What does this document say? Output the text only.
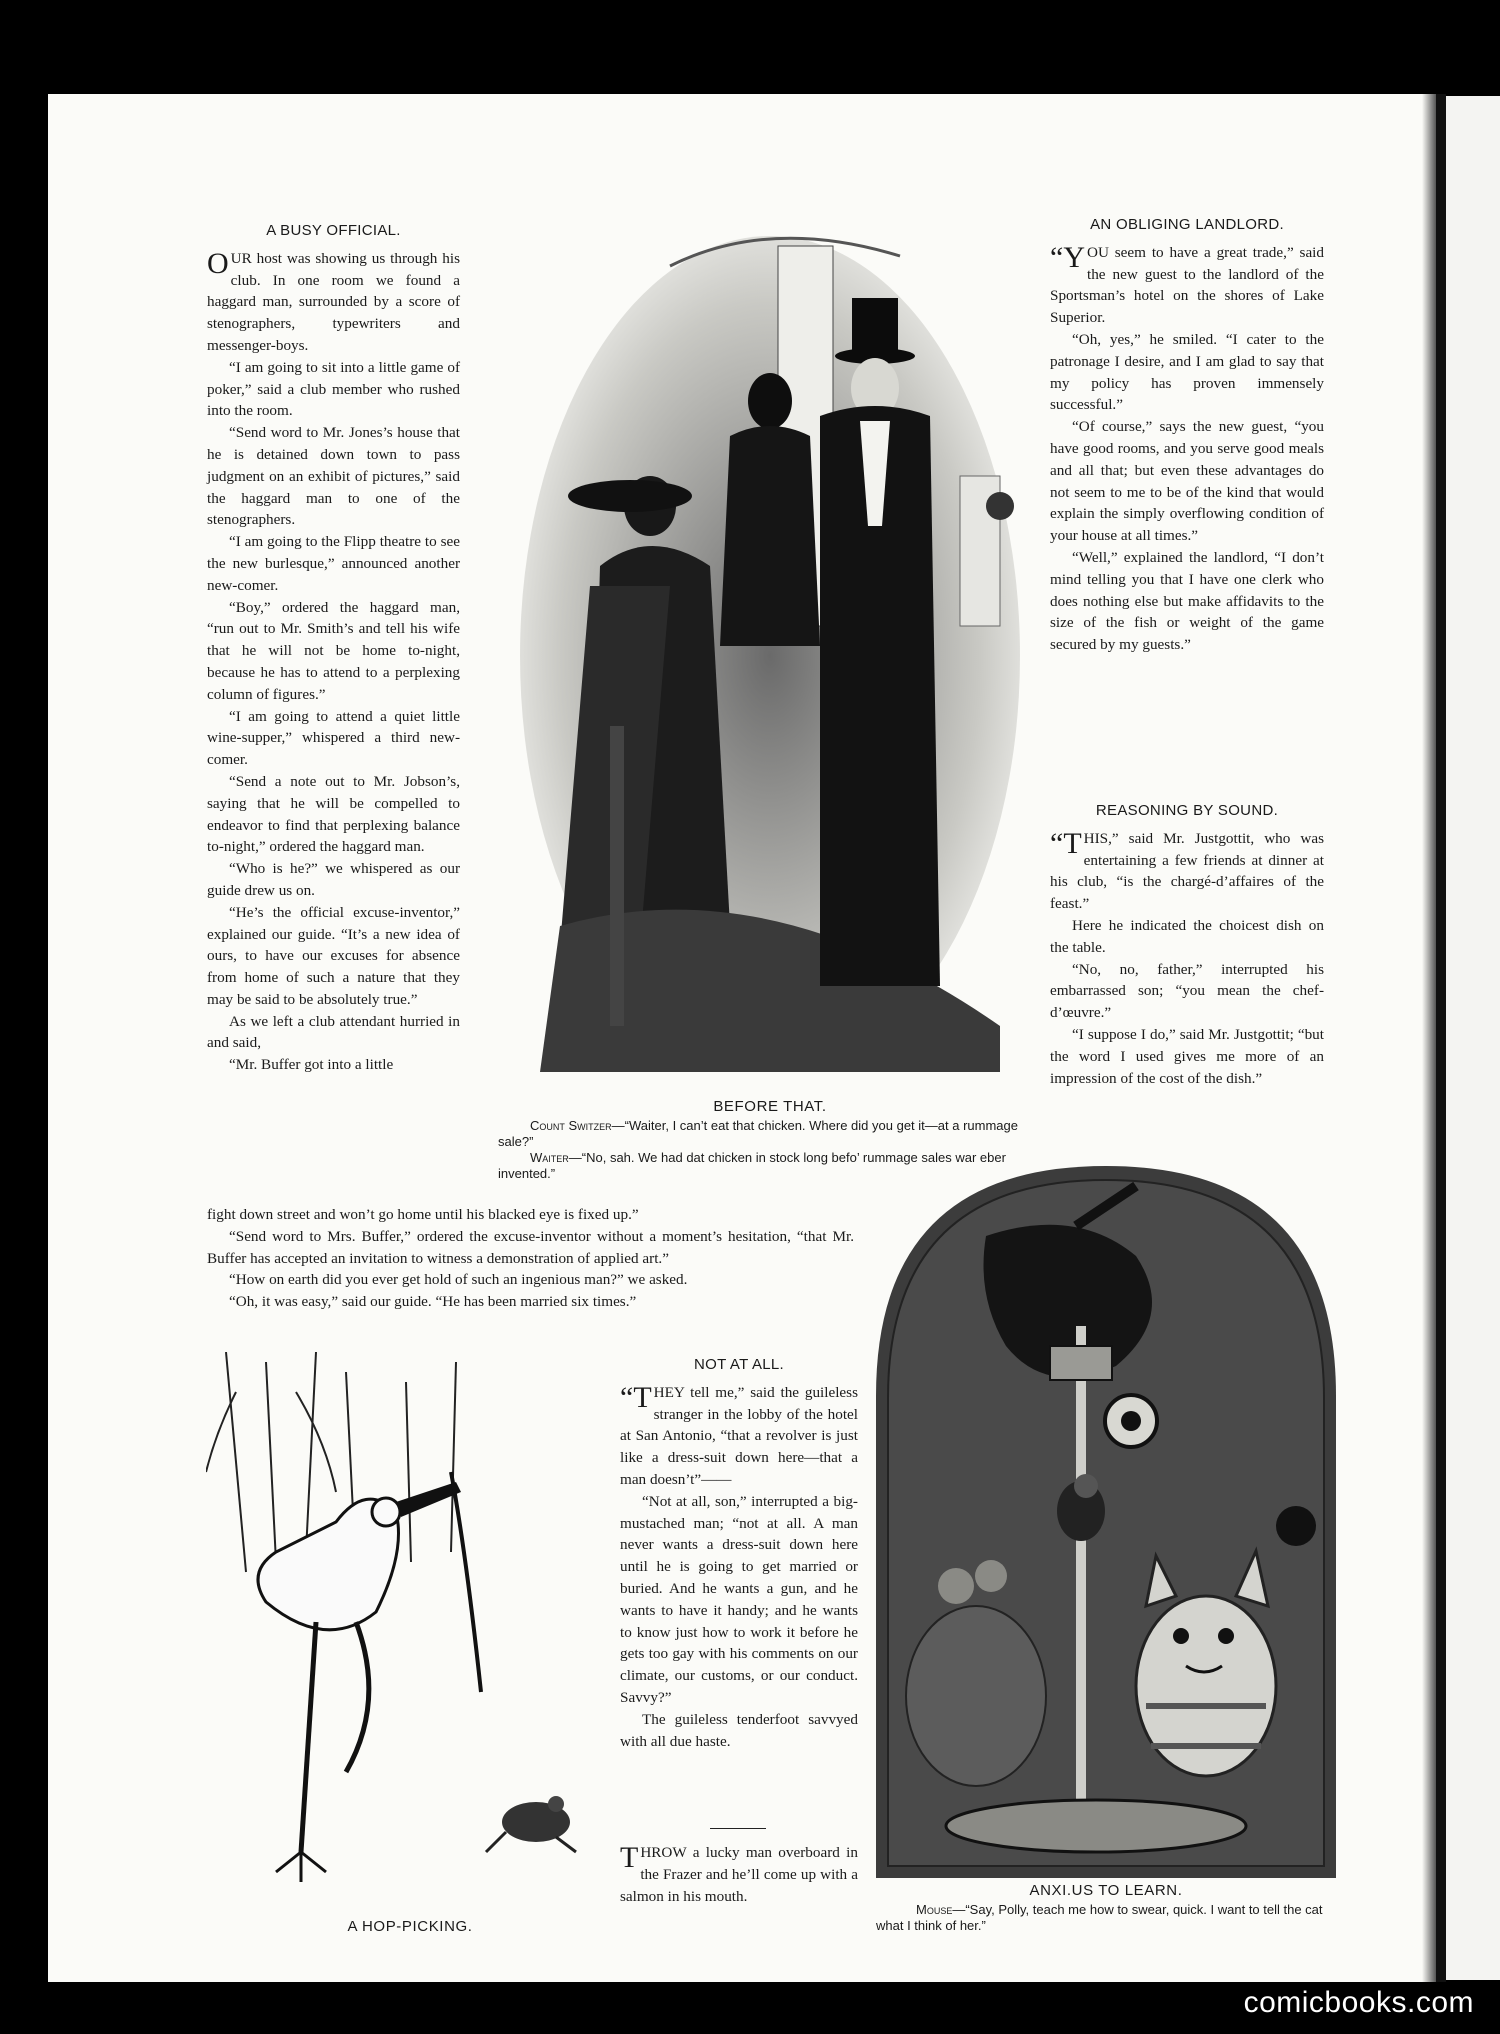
A BUSY OFFICIAL.

OUR host was showing us through his club. In one room we found a haggard man, surrounded by a score of stenographers, typewriters and messenger-boys.

“I am going to sit into a little game of poker,” said a club member who rushed into the room.

“Send word to Mr. Jones’s house that he is detained down town to pass judgment on an exhibit of pictures,” said the haggard man to one of the stenographers.

“I am going to the Flipp theatre to see the new burlesque,” announced another new-comer.

“Boy,” ordered the haggard man, “run out to Mr. Smith’s and tell his wife that he will not be home to-night, because he has to attend to a perplexing column of figures.”

“I am going to attend a quiet little wine-supper,” whispered a third new-comer.

“Send a note out to Mr. Jobson’s, saying that he will be compelled to endeavor to find that perplexing balance to-night,” ordered the haggard man.

“Who is he?” we whispered as our guide drew us on.

“He’s the official excuse-inventor,” explained our guide. “It’s a new idea of ours, to have our excuses for absence from home of such a nature that they may be said to be absolutely true.”

As we left a club attendant hurried in and said,

“Mr. Buffer got into a little

fight down street and won’t go home until his blacked eye is fixed up.”

“Send word to Mrs. Buffer,” ordered the excuse-inventor without a moment’s hesitation, “that Mr. Buffer has accepted an invitation to witness a demonstration of applied art.”

“How on earth did you ever get hold of such an ingenious man?” we asked.

“Oh, it was easy,” said our guide. “He has been married six times.”

BEFORE THAT.
Count Switzer—“Waiter, I can’t eat that chicken. Where did you get it—at a rummage sale?”
Waiter—“No, sah. We had dat chicken in stock long befo’ rummage sales war eber invented.”
AN OBLIGING LANDLORD.

“YOU seem to have a great trade,” said the new guest to the landlord of the Sportsman’s hotel on the shores of Lake Superior.

“Oh, yes,” he smiled. “I cater to the patronage I desire, and I am glad to say that my policy has proven immensely successful.”

“Of course,” says the new guest, “you have good rooms, and you serve good meals and all that; but even these advantages do not seem to me to be of the kind that would explain the simply overflowing condition of your house at all times.”

“Well,” explained the landlord, “I don’t mind telling you that I have one clerk who does nothing else but make affidavits to the size of the fish or weight of the game secured by my guests.”

REASONING BY SOUND.

“THIS,” said Mr. Justgottit, who was entertaining a few friends at dinner at his club, “is the chargé-d’affaires of the feast.”

Here he indicated the choicest dish on the table.

“No, no, father,” interrupted his embarrassed son; “you mean the chef-d’œuvre.”

“I suppose I do,” said Mr. Justgottit; “but the word I used gives me more of an impression of the cost of the dish.”

A HOP-PICKING.
NOT AT ALL.

“THEY tell me,” said the guileless stranger in the lobby of the hotel at San Antonio, “that a revolver is just like a dress-suit down here—that a man doesn’t”——

“Not at all, son,” interrupted a big-mustached man; “not at all. A man never wants a dress-suit down here until he is going to get married or buried. And he wants a gun, and he wants to have it handy; and he wants to know just how to work it before he gets too gay with his comments on our climate, our customs, or our conduct. Savvy?”

The guileless tenderfoot savvyed with all due haste.

THROW a lucky man overboard in the Frazer and he’ll come up with a salmon in his mouth.	ANXI.US TO LEARN.
Mouse—“Say, Polly, teach me how to swear, quick. I want to tell the cat what I think of her.”
comicbooks.com
